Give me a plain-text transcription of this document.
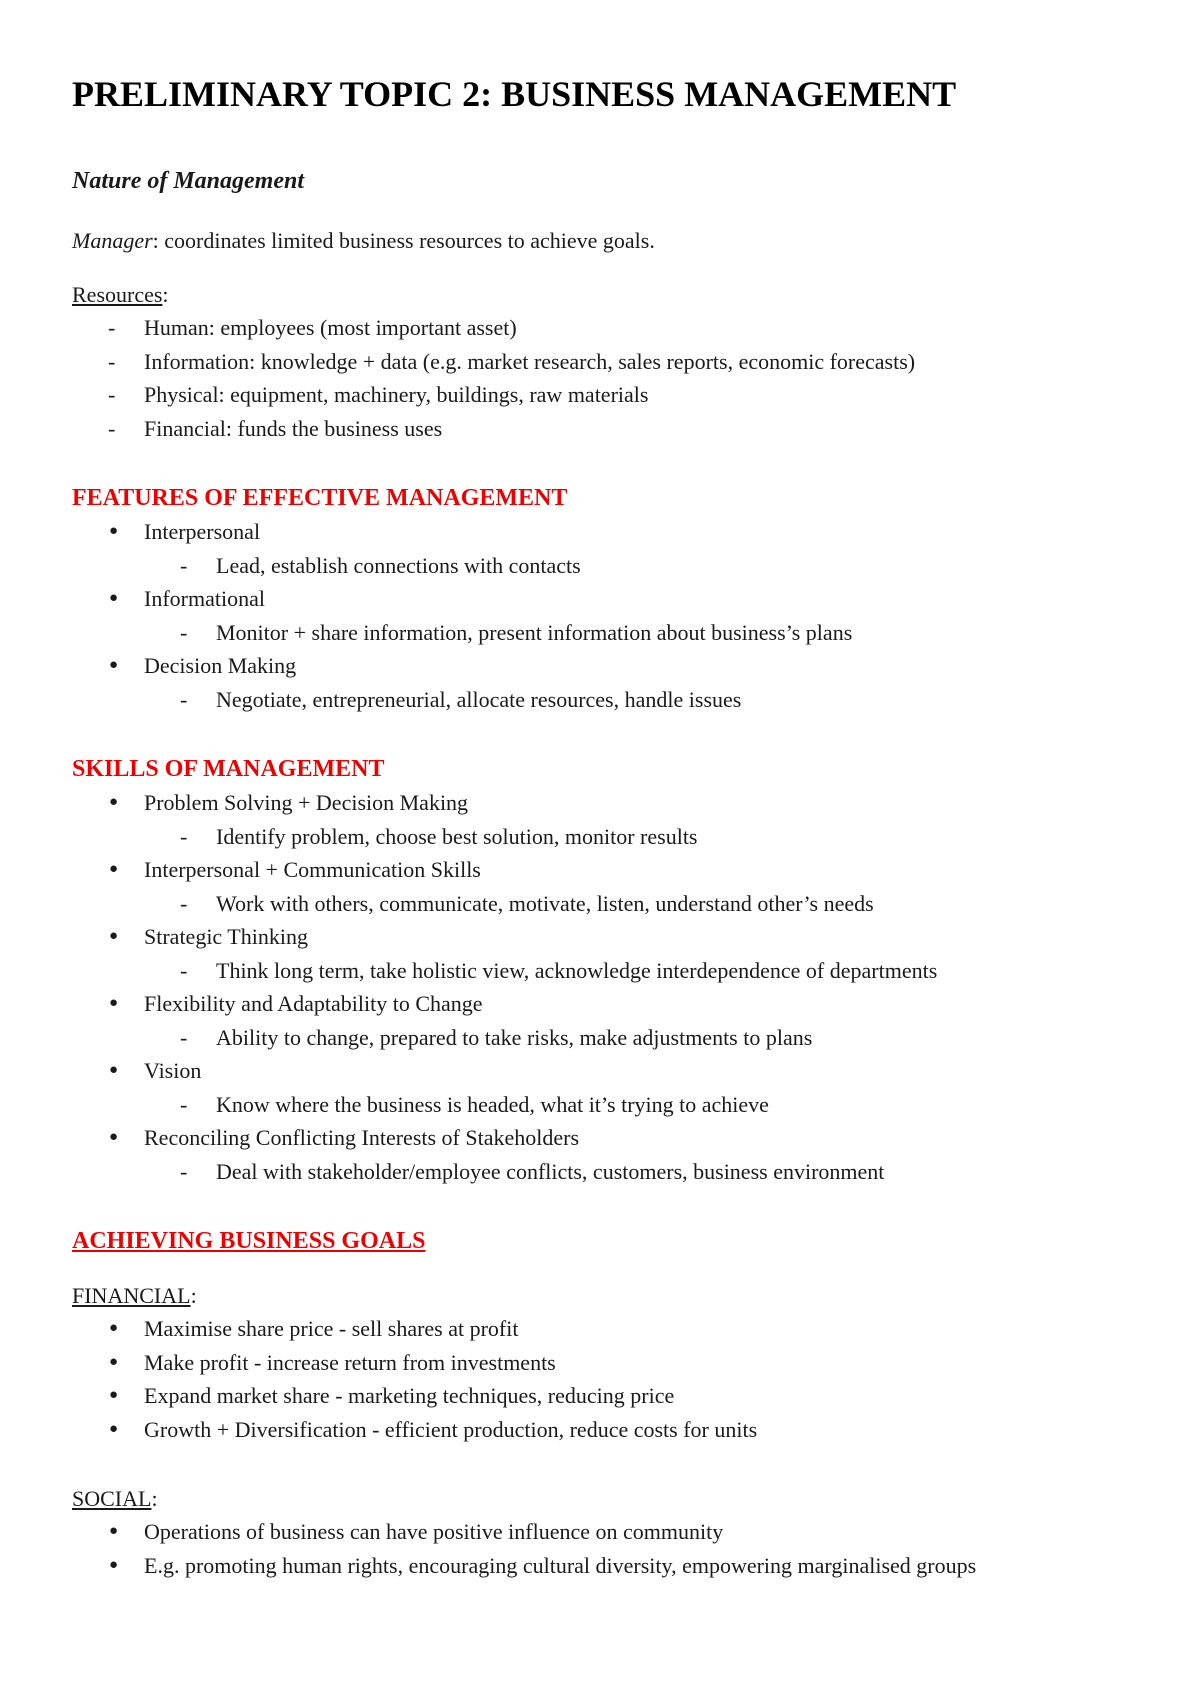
PRELIMINARY TOPIC 2: BUSINESS MANAGEMENT
Nature of Management
Manager: coordinates limited business resources to achieve goals.
Resources:
- Human: employees (most important asset)
- Information: knowledge + data (e.g. market research, sales reports, economic forecasts)
- Physical: equipment, machinery, buildings, raw materials
- Financial: funds the business uses
FEATURES OF EFFECTIVE MANAGEMENT
● Interpersonal
- Lead, establish connections with contacts
● Informational
- Monitor + share information, present information about business’s plans
● Decision Making
- Negotiate, entrepreneurial, allocate resources, handle issues
SKILLS OF MANAGEMENT
● Problem Solving + Decision Making
- Identify problem, choose best solution, monitor results
● Interpersonal + Communication Skills
- Work with others, communicate, motivate, listen, understand other’s needs
● Strategic Thinking
- Think long term, take holistic view, acknowledge interdependence of departments
● Flexibility and Adaptability to Change
- Ability to change, prepared to take risks, make adjustments to plans
● Vision
- Know where the business is headed, what it’s trying to achieve
● Reconciling Conflicting Interests of Stakeholders
- Deal with stakeholder/employee conflicts, customers, business environment
ACHIEVING BUSINESS GOALS
FINANCIAL:
● Maximise share price - sell shares at profit
● Make profit - increase return from investments
● Expand market share - marketing techniques, reducing price
● Growth + Diversification - efficient production, reduce costs for units
SOCIAL:
● Operations of business can have positive influence on community
● E.g. promoting human rights, encouraging cultural diversity, empowering marginalised groups
